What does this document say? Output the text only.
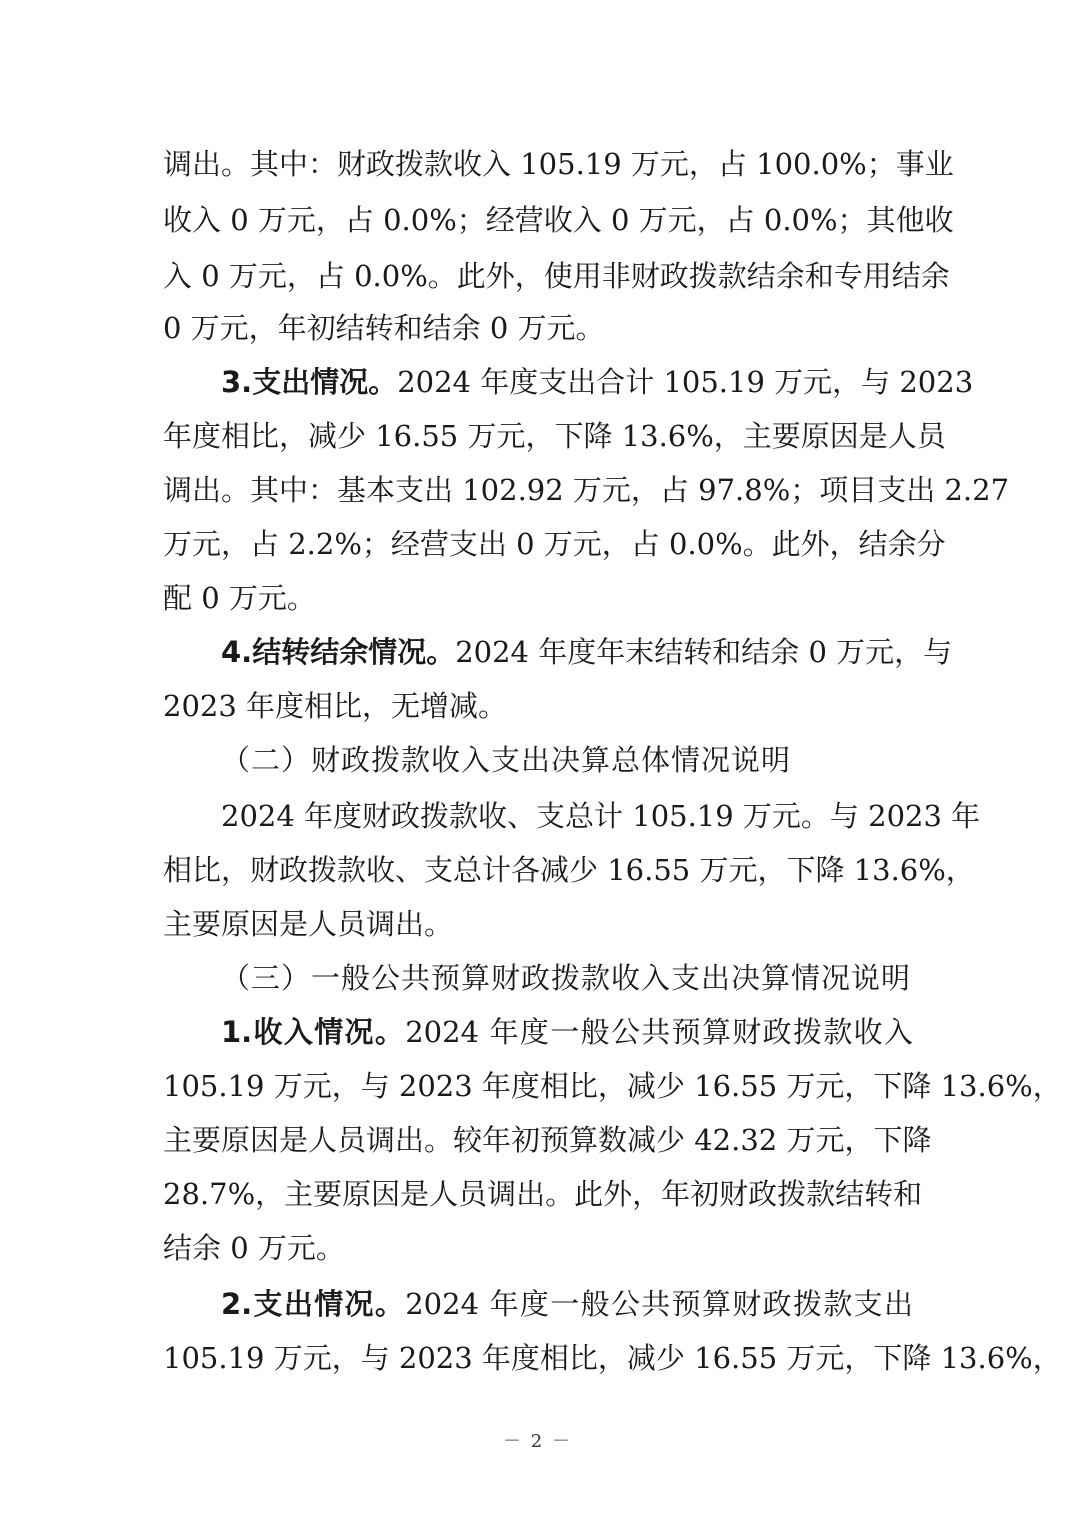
调出。其中：财政拨款收入 105.19 万元，占 100.0%；事业
收入 0 万元，占 0.0%；经营收入 0 万元，占 0.0%；其他收
入 0 万元，占 0.0%。此外，使用非财政拨款结余和专用结余
0 万元，年初结转和结余 0 万元。
3.支出情况。2024 年度支出合计 105.19 万元，与 2023
年度相比，减少 16.55 万元，下降 13.6%，主要原因是人员
调出。其中：基本支出 102.92 万元，占 97.8%；项目支出 2.27
万元，占 2.2%；经营支出 0 万元，占 0.0%。此外，结余分
配 0 万元。
4.结转结余情况。2024 年度年末结转和结余 0 万元，与
2023 年度相比，无增减。
（二）财政拨款收入支出决算总体情况说明
2024 年度财政拨款收、支总计 105.19 万元。与 2023 年
相比，财政拨款收、支总计各减少 16.55 万元，下降 13.6%，
主要原因是人员调出。
（三）一般公共预算财政拨款收入支出决算情况说明
1.收入情况。2024 年度一般公共预算财政拨款收入
105.19 万元，与 2023 年度相比，减少 16.55 万元，下降 13.6%，
主要原因是人员调出。较年初预算数减少 42.32 万元，下降
28.7%，主要原因是人员调出。此外，年初财政拨款结转和
结余 0 万元。
2.支出情况。2024 年度一般公共预算财政拨款支出
105.19 万元，与 2023 年度相比，减少 16.55 万元，下降 13.6%，
－ 2 －
